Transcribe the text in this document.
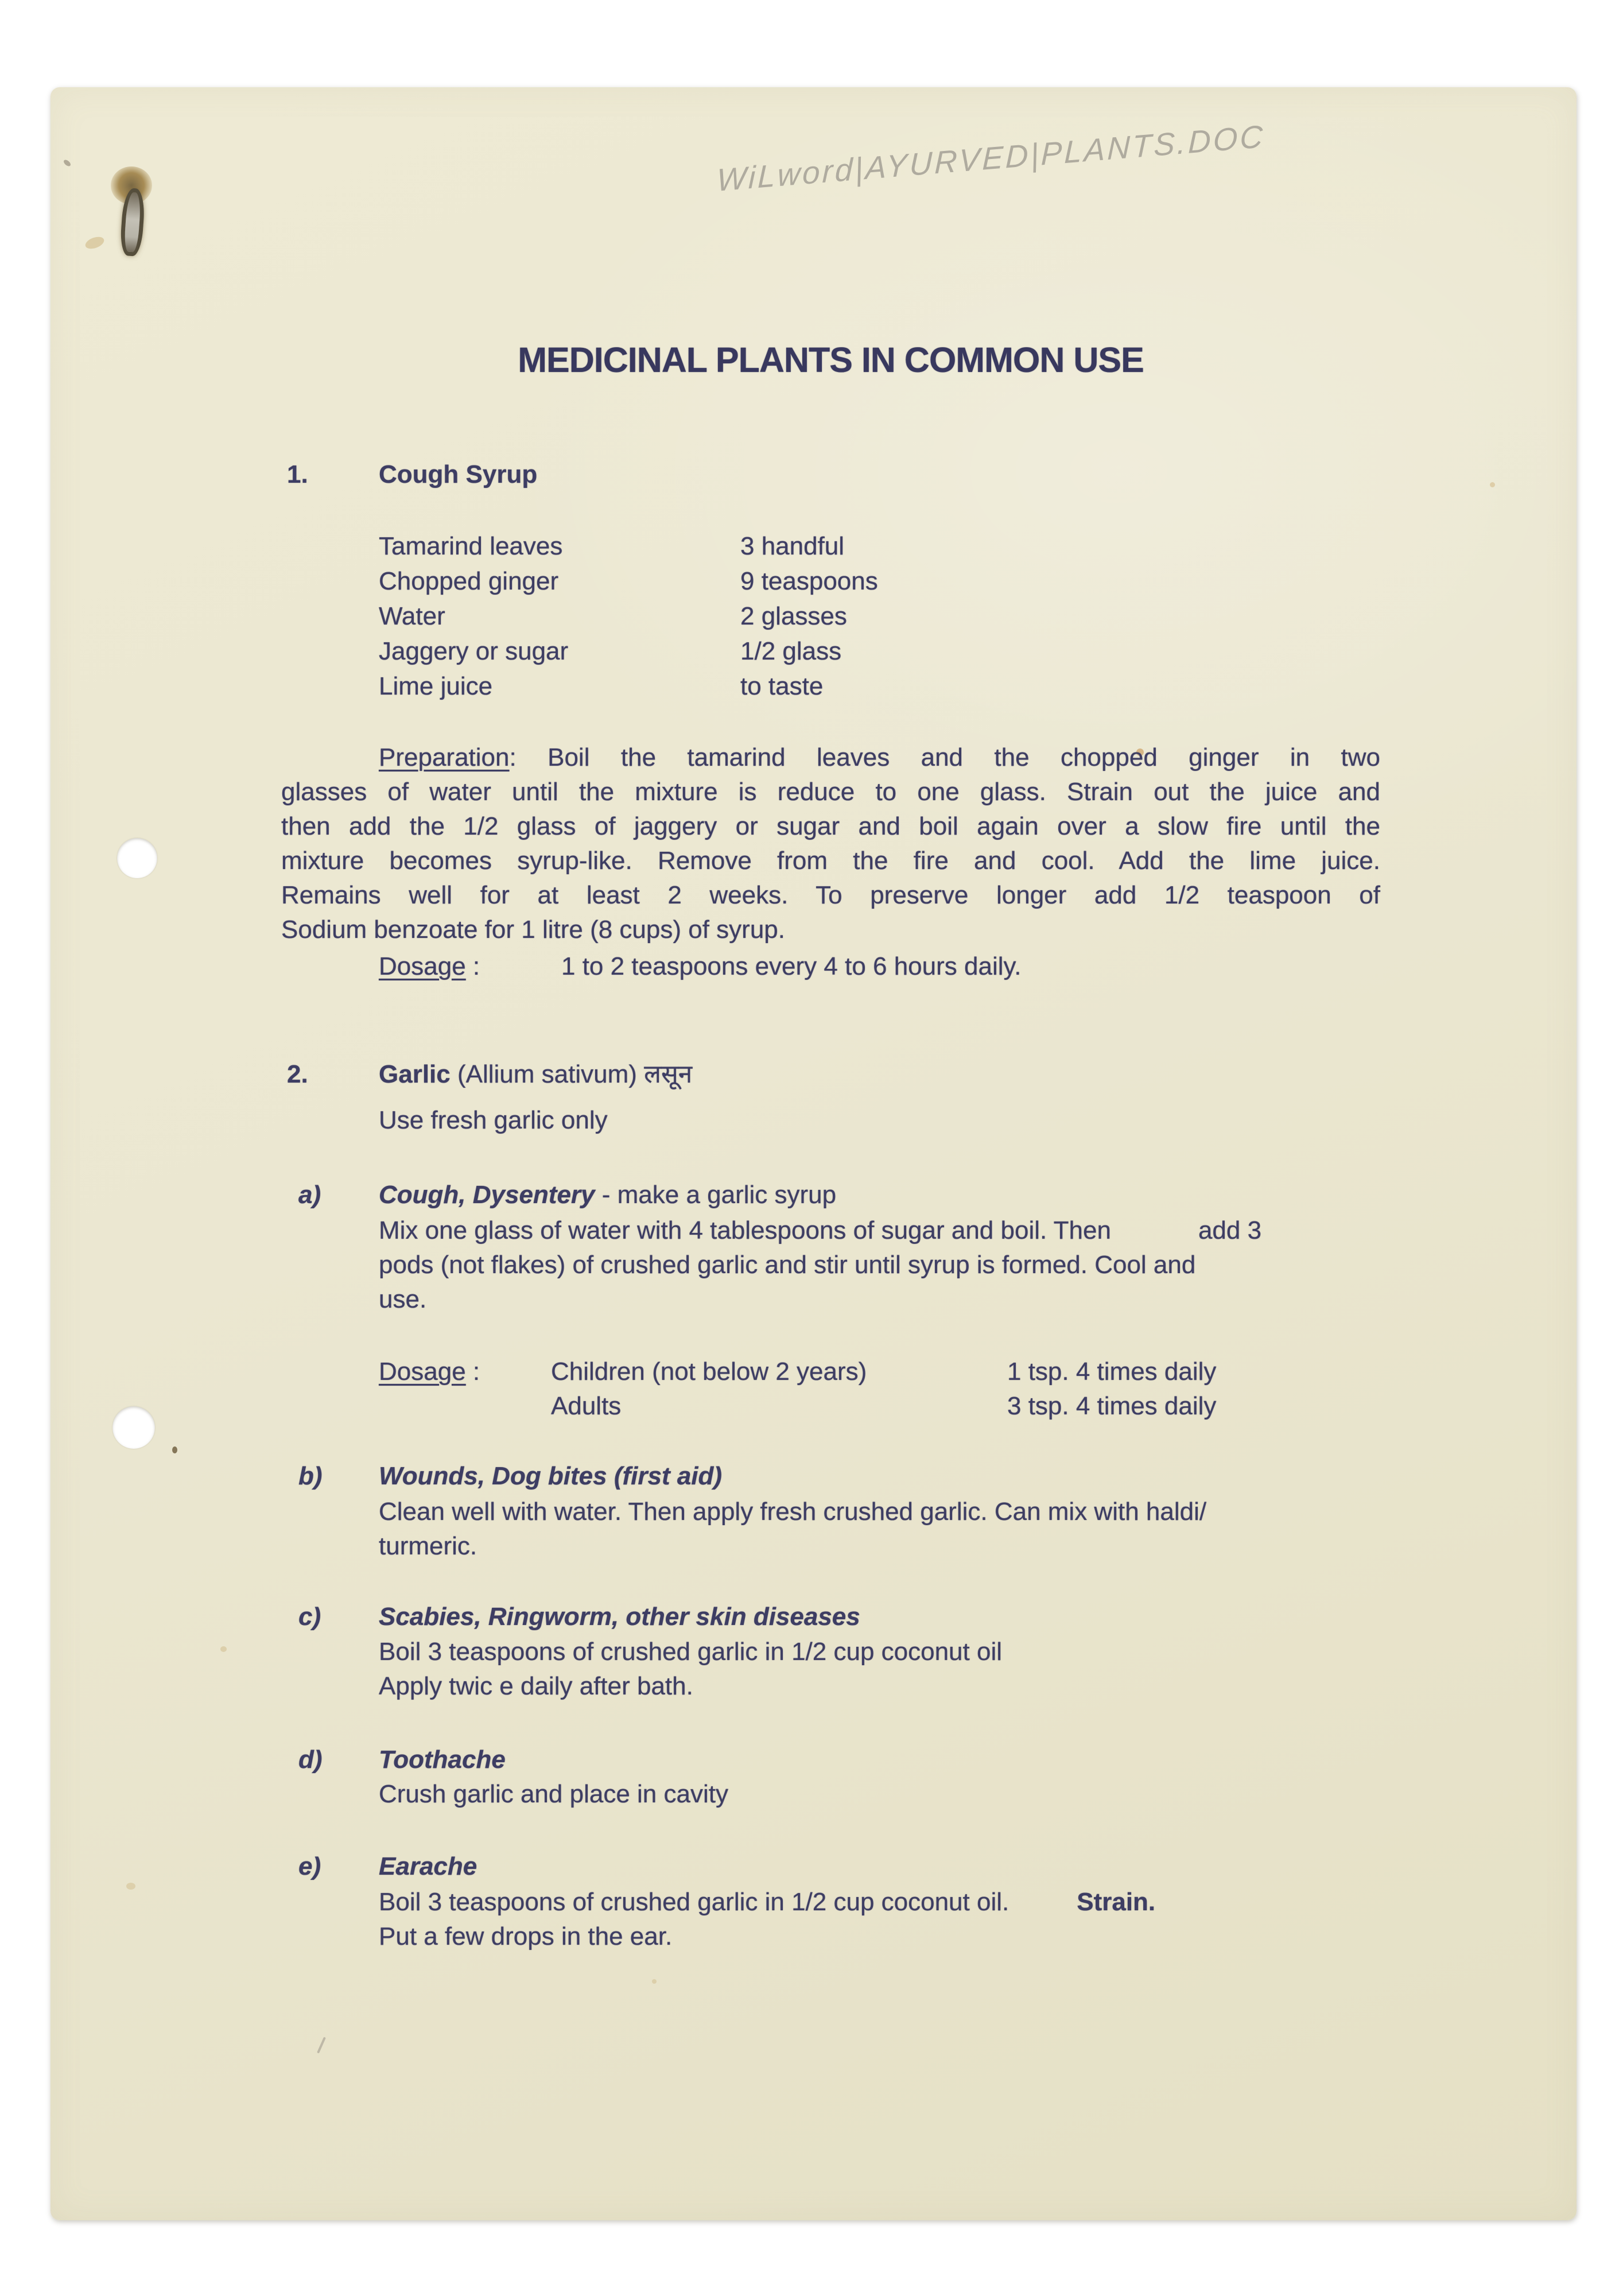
WiLword|AYURVED|PLANTS.DOC
MEDICINAL PLANTS IN COMMON USE
1.	Cough Syrup
Tamarind leaves	3 handful
Chopped ginger	9 teaspoons
Water	2 glasses
Jaggery or sugar	1/2 glass
Lime juice	to taste
Preparation: Boil the tamarind leaves and the chopped ginger in two
glasses of water until the mixture is reduce to one glass. Strain out the juice and
then add the 1/2 glass of jaggery or sugar and boil again over a slow fire until the
mixture becomes syrup-like. Remove from the fire and cool. Add the lime juice.
Remains well for at least 2 weeks. To preserve longer add 1/2 teaspoon of
Sodium benzoate for 1 litre (8 cups) of syrup.
Dosage :	1 to 2 teaspoons every 4 to 6 hours daily.
2.	Garlic (Allium sativum) लसून
Use fresh garlic only
a) Cough, Dysentery - make a garlic syrup
Mix one glass of water with 4 tablespoons of sugar and boil. Then	add 3
pods (not flakes) of crushed garlic and stir until syrup is formed. Cool and
use.
Dosage :	Children (not below 2 years)	1 tsp. 4 times daily
Adults	3 tsp. 4 times daily
b) Wounds, Dog bites (first aid)
Clean well with water. Then apply fresh crushed garlic. Can mix with haldi/
turmeric.
c) Scabies, Ringworm, other skin diseases
Boil 3 teaspoons of crushed garlic in 1/2 cup coconut oil
Apply twic e daily after bath.
d) Toothache
Crush garlic and place in cavity
e) Earache
Boil 3 teaspoons of crushed garlic in 1/2 cup coconut oil.	Strain.
Put a few drops in the ear.
